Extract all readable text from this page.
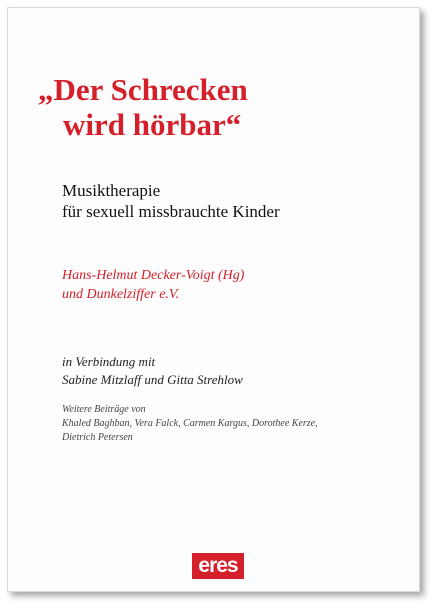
„Der Schrecken
wird hörbar“
Musiktherapie
für sexuell missbrauchte Kinder
Hans-Helmut Decker-Voigt (Hg)
und Dunkelziffer e.V.
in Verbindung mit
Sabine Mitzlaff und Gitta Strehlow
Weitere Beiträge von
Khaled Baghban, Vera Falck, Carmen Kargus, Dorothee Kerze,
Dietrich Petersen
eres
